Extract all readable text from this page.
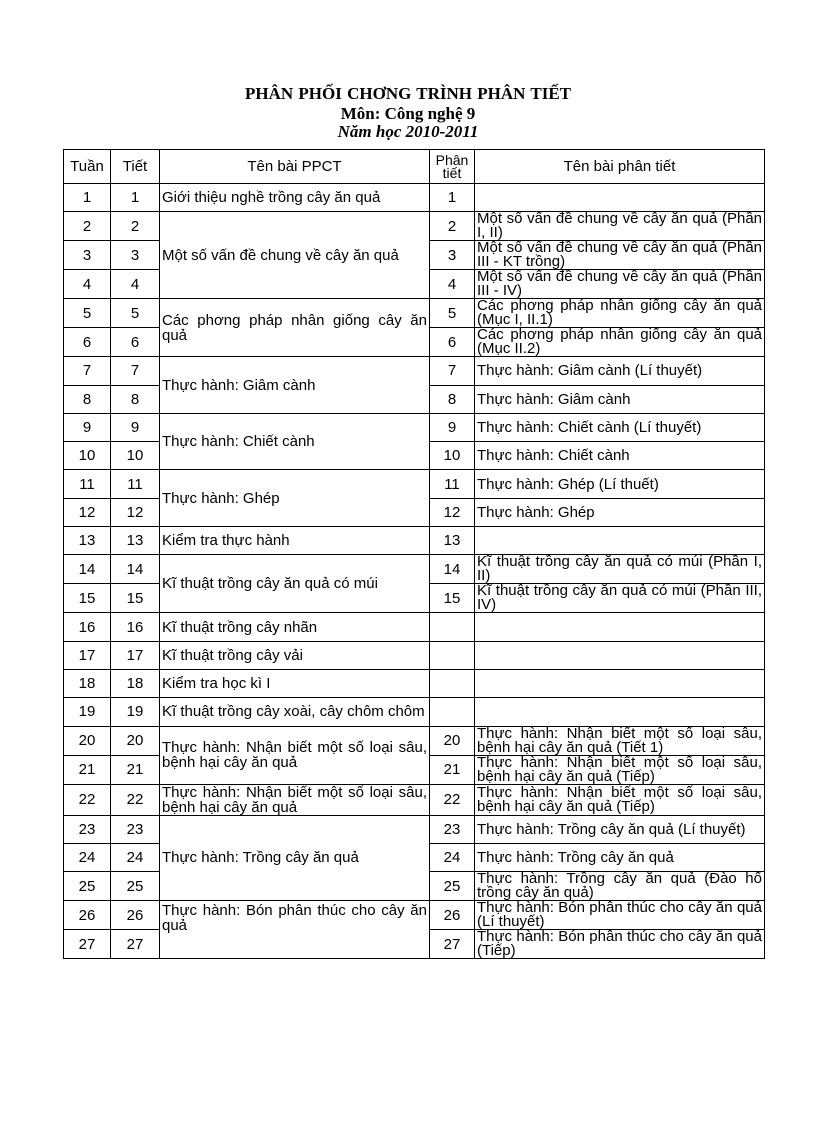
PHÂN PHỐI CHƠNG TRÌNH PHÂN TIẾT
Môn: Công nghệ 9
Năm học 2010-2011
Tuần	Tiết	Tên bài PPCT	Phân tiết	Tên bài phân tiết
1	1	Giới thiệu nghề trồng cây ăn quả	1	
2	2	Một số vấn đề chung về cây ăn quả	2	Một số vấn đề chung về cây ăn quả (Phần I, II)
3	3		3	Một số vấn đề chung về cây ăn quả (Phần III - KT trồng)
4	4		4	Một số vấn đề chung về cây ăn quả (Phần III - IV)
5	5	Các phơng pháp nhân giống cây ăn quả	5	Các phơng pháp nhân giống cây ăn quả (Mục I, II.1)
6	6		6	Các phơng pháp nhân giống cây ăn quả (Mục II.2)
7	7	Thực hành: Giâm cành	7	Thực hành: Giâm cành (Lí thuyết)
8	8		8	Thực hành: Giâm cành
9	9	Thực hành: Chiết cành	9	Thực hành: Chiết cành (Lí thuyết)
10	10		10	Thực hành: Chiết cành
11	11	Thực hành: Ghép	11	Thực hành: Ghép (Lí thuết)
12	12		12	Thực hành: Ghép
13	13	Kiểm tra thực hành	13	
14	14	Kĩ thuật trồng cây ăn quả có múi	14	Kĩ thuật trồng cây ăn quả có múi (Phần I, II)
15	15		15	Kĩ thuật trồng cây ăn quả có múi (Phần III, IV)
16	16	Kĩ thuật trồng cây nhãn		
17	17	Kĩ thuật trồng cây vải		
18	18	Kiểm tra học kì I		
19	19	Kĩ thuật trồng cây xoài, cây chôm chôm		
20	20	Thực hành: Nhận biết một số loại sâu, bệnh hại cây ăn quả	20	Thực hành: Nhận biết một số loại sâu, bệnh hại cây ăn quả (Tiết 1)
21	21		21	Thực hành: Nhận biết một số loại sâu, bệnh hại cây ăn quả (Tiếp)
22	22	Thực hành: Nhận biết một số loại sâu, bệnh hại cây ăn quả	22	Thực hành: Nhận biết một số loại sâu, bệnh hại cây ăn quả (Tiếp)
23	23	Thực hành: Trồng cây ăn quả	23	Thực hành: Trồng cây ăn quả (Lí thuyết)
24	24		24	Thực hành: Trồng cây ăn quả
25	25		25	Thực hành: Trồng cây ăn quả (Đào hố trồng cây ăn quả)
26	26	Thực hành: Bón phân thúc cho cây ăn quả	26	Thực hành: Bón phân thúc cho cây ăn quả (Lí thuyết)
27	27		27	Thực hành: Bón phân thúc cho cây ăn quả (Tiếp)
